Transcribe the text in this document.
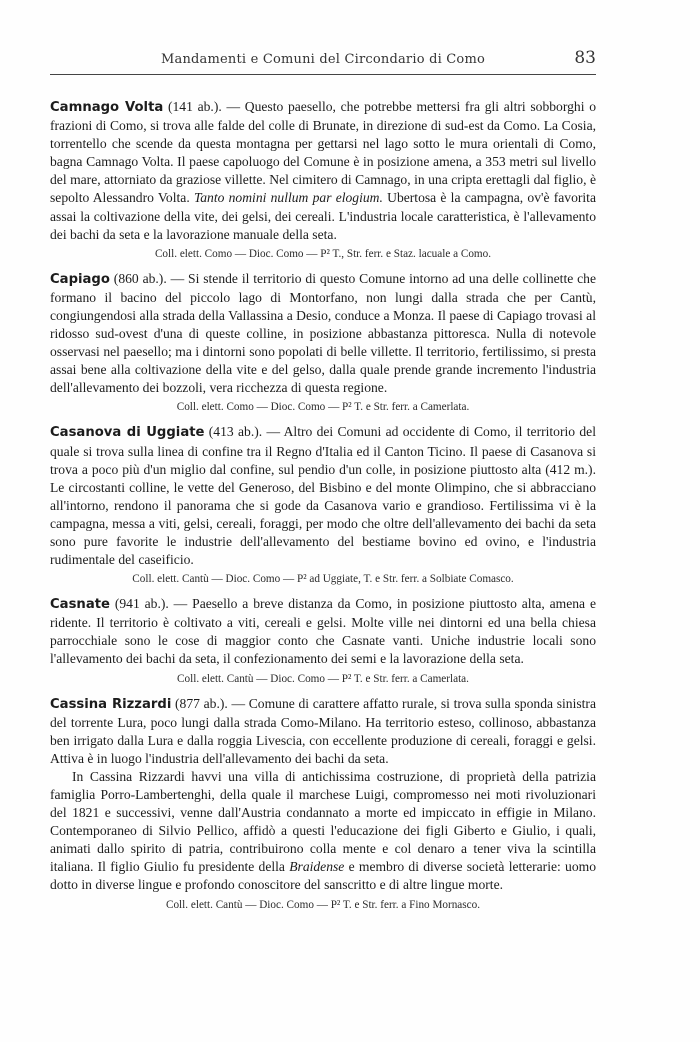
Mandamenti e Comuni del Circondario di Como	83

Camnago Volta (141 ab.). — Questo paesello, che potrebbe mettersi fra gli altri sobborghi o frazioni di Como, si trova alle falde del colle di Brunate, in direzione di sud-est da Como. La Cosia, torrentello che scende da questa montagna per gettarsi nel lago sotto le mura orientali di Como, bagna Camnago Volta. Il paese capoluogo del Comune è in posizione amena, a 353 metri sul livello del mare, attorniato da graziose villette. Nel cimitero di Camnago, in una cripta erettagli dal figlio, è sepolto Alessandro Volta. Tanto nomini nullum par elogium. Ubertosa è la campagna, ov'è favorita assai la coltivazione della vite, dei gelsi, dei cereali. L'industria locale caratteristica, è l'allevamento dei bachi da seta e la lavorazione manuale della seta.

Coll. elett. Como — Dioc. Como — P² T., Str. ferr. e Staz. lacuale a Como.

Capiago (860 ab.). — Si stende il territorio di questo Comune intorno ad una delle collinette che formano il bacino del piccolo lago di Montorfano, non lungi dalla strada che per Cantù, congiungendosi alla strada della Vallassina a Desio, conduce a Monza. Il paese di Capiago trovasi al ridosso sud-ovest d'una di queste colline, in posizione abbastanza pittoresca. Nulla di notevole osservasi nel paesello; ma i dintorni sono popolati di belle villette. Il territorio, fertilissimo, si presta assai bene alla coltivazione della vite e del gelso, dalla quale prende grande incremento l'industria dell'allevamento dei bozzoli, vera ricchezza di questa regione.

Coll. elett. Como — Dioc. Como — P² T. e Str. ferr. a Camerlata.

Casanova di Uggiate (413 ab.). — Altro dei Comuni ad occidente di Como, il territorio del quale si trova sulla linea di confine tra il Regno d'Italia ed il Canton Ticino. Il paese di Casanova si trova a poco più d'un miglio dal confine, sul pendio d'un colle, in posizione piuttosto alta (412 m.). Le circostanti colline, le vette del Generoso, del Bisbino e del monte Olimpino, che si abbracciano all'intorno, rendono il panorama che si gode da Casanova vario e grandioso. Fertilissima vi è la campagna, messa a viti, gelsi, cereali, foraggi, per modo che oltre dell'allevamento dei bachi da seta sono pure favorite le industrie dell'allevamento del bestiame bovino ed ovino, e l'industria rudimentale del caseificio.

Coll. elett. Cantù — Dioc. Como — P² ad Uggiate, T. e Str. ferr. a Solbiate Comasco.

Casnate (941 ab.). — Paesello a breve distanza da Como, in posizione piuttosto alta, amena e ridente. Il territorio è coltivato a viti, cereali e gelsi. Molte ville nei dintorni ed una bella chiesa parrocchiale sono le cose di maggior conto che Casnate vanti. Uniche industrie locali sono l'allevamento dei bachi da seta, il confezionamento dei semi e la lavorazione della seta.

Coll. elett. Cantù — Dioc. Como — P² T. e Str. ferr. a Camerlata.

Cassina Rizzardi (877 ab.). — Comune di carattere affatto rurale, si trova sulla sponda sinistra del torrente Lura, poco lungi dalla strada Como-Milano. Ha territorio esteso, collinoso, abbastanza ben irrigato dalla Lura e dalla roggia Livescia, con eccellente produzione di cereali, foraggi e gelsi. Attiva è in luogo l'industria dell'allevamento dei bachi da seta.

In Cassina Rizzardi havvi una villa di antichissima costruzione, di proprietà della patrizia famiglia Porro-Lambertenghi, della quale il marchese Luigi, compromesso nei moti rivoluzionari del 1821 e successivi, venne dall'Austria condannato a morte ed impiccato in effigie in Milano. Contemporaneo di Silvio Pellico, affidò a questi l'educazione dei figli Giberto e Giulio, i quali, animati dallo spirito di patria, contribuirono colla mente e col denaro a tener viva la scintilla italiana. Il figlio Giulio fu presidente della Braidense e membro di diverse società letterarie: uomo dotto in diverse lingue e profondo conoscitore del sanscritto e di altre lingue morte.

Coll. elett. Cantù — Dioc. Como — P² T. e Str. ferr. a Fino Mornasco.
